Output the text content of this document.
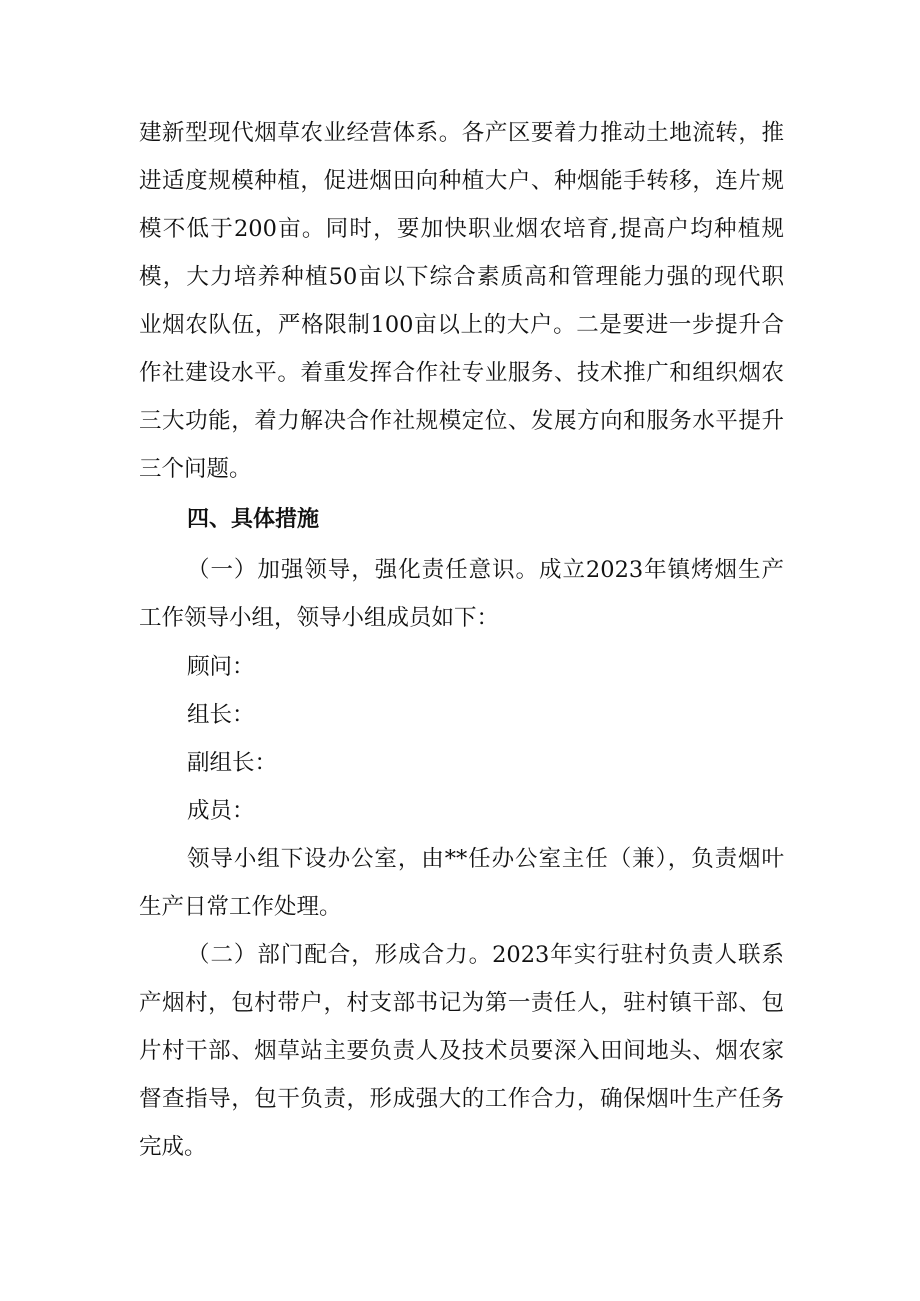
建新型现代烟草农业经营体系。各产区要着力推动土地流转，推
进适度规模种植，促进烟田向种植大户、种烟能手转移，连片规
模不低于200亩。同时，要加快职业烟农培育,提高户均种植规
模，大力培养种植50亩以下综合素质高和管理能力强的现代职
业烟农队伍，严格限制100亩以上的大户。二是要进一步提升合
作社建设水平。着重发挥合作社专业服务、技术推广和组织烟农
三大功能，着力解决合作社规模定位、发展方向和服务水平提升
三个问题。
四、具体措施
（一）加强领导，强化责任意识。成立2023年镇烤烟生产
工作领导小组，领导小组成员如下：
顾问：
组长：
副组长：
成员：
领导小组下设办公室，由**任办公室主任（兼），负责烟叶
生产日常工作处理。
（二）部门配合，形成合力。2023年实行驻村负责人联系
产烟村，包村带户，村支部书记为第一责任人，驻村镇干部、包
片村干部、烟草站主要负责人及技术员要深入田间地头、烟农家
督查指导，包干负责，形成强大的工作合力，确保烟叶生产任务
完成。
